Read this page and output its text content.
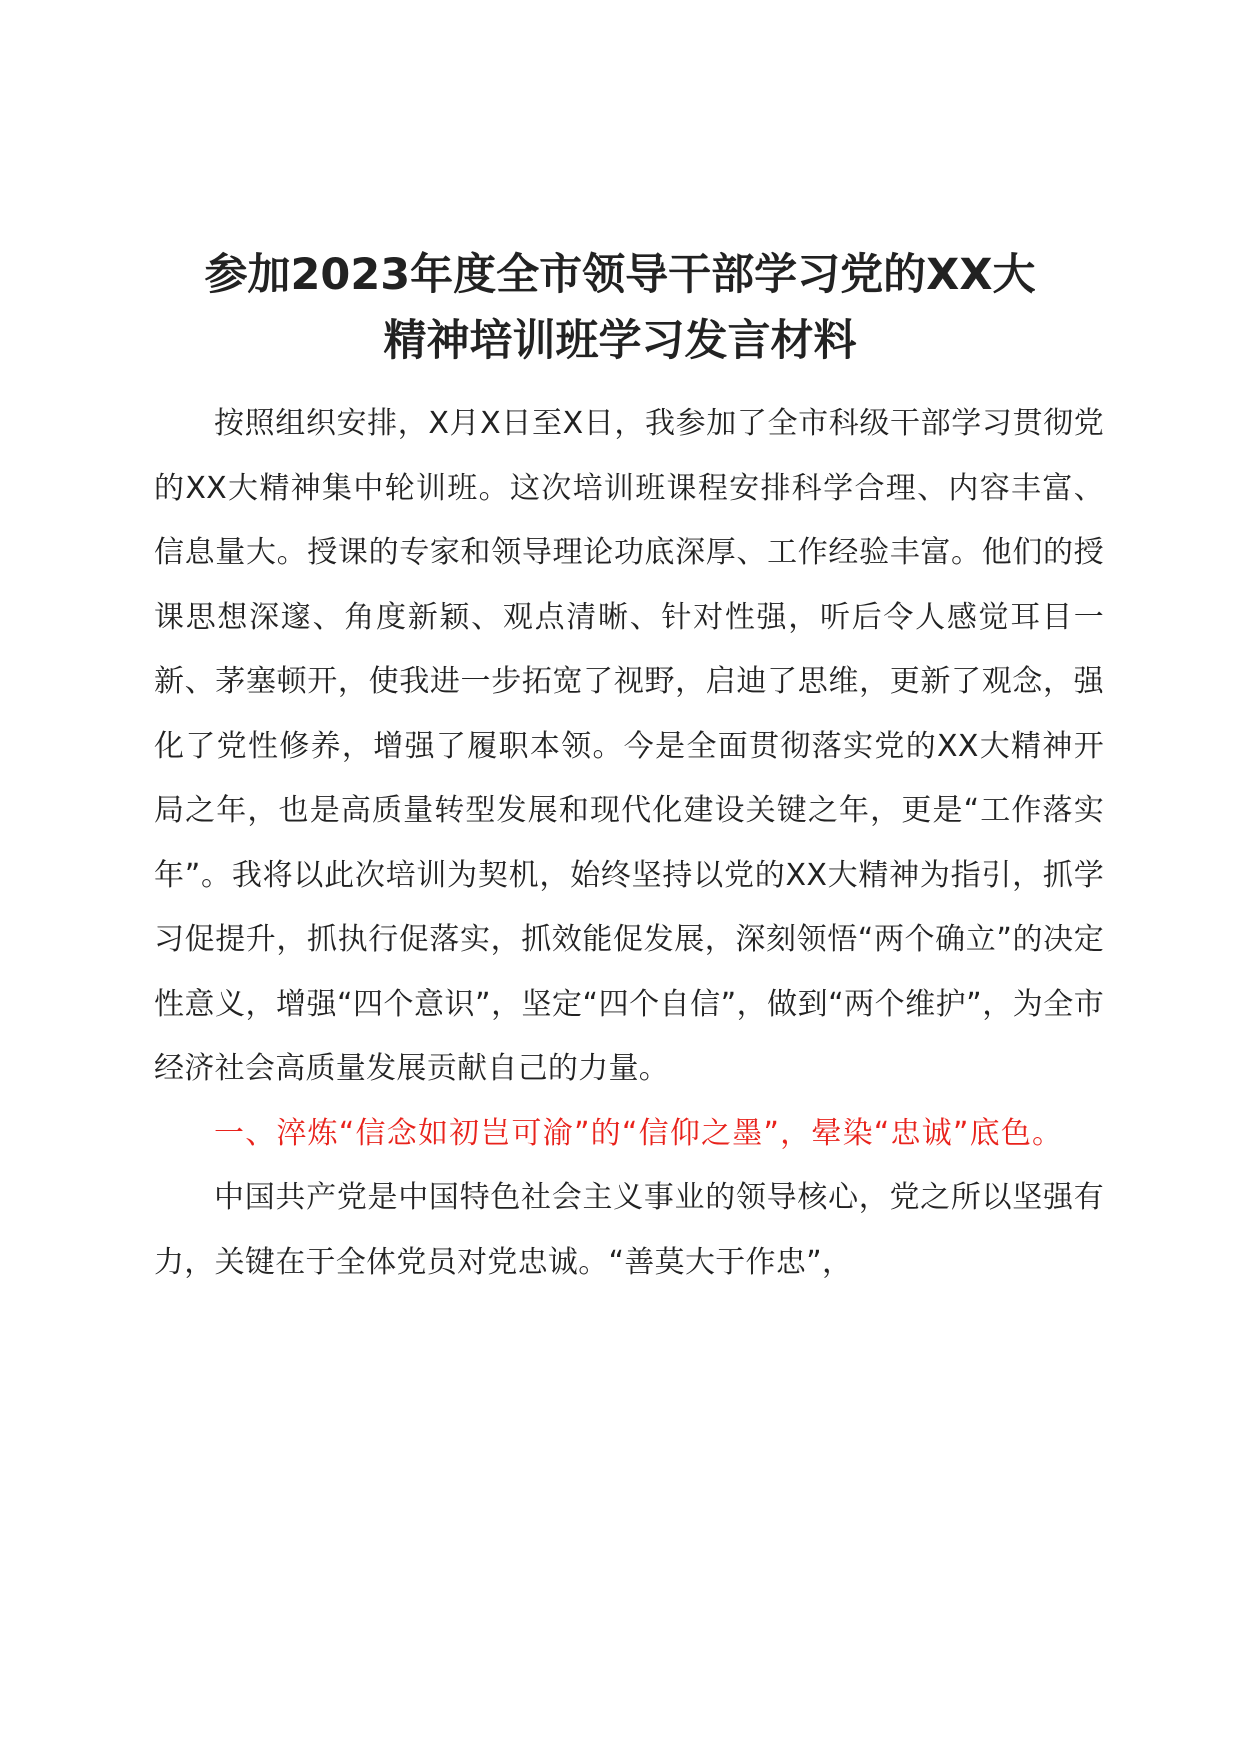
参加2023年度全市领导干部学习党的XX大
精神培训班学习发言材料

按照组织安排，X月X日至X日，我参加了全市科级干部学习贯彻党的XX大精神集中轮训班。这次培训班课程安排科学合理、内容丰富、信息量大。授课的专家和领导理论功底深厚、工作经验丰富。他们的授课思想深邃、角度新颖、观点清晰、针对性强，听后令人感觉耳目一新、茅塞顿开，使我进一步拓宽了视野，启迪了思维，更新了观念，强化了党性修养，增强了履职本领。今是全面贯彻落实党的XX大精神开局之年，也是高质量转型发展和现代化建设关键之年，更是“工作落实年”。我将以此次培训为契机，始终坚持以党的XX大精神为指引，抓学习促提升，抓执行促落实，抓效能促发展，深刻领悟“两个确立”的决定性意义，增强“四个意识”，坚定“四个自信”，做到“两个维护”，为全市经济社会高质量发展贡献自己的力量。

一、淬炼“信念如初岂可渝”的“信仰之墨”，晕染“忠诚”底色。

中国共产党是中国特色社会主义事业的领导核心，党之所以坚强有力，关键在于全体党员对党忠诚。“善莫大于作忠”，
